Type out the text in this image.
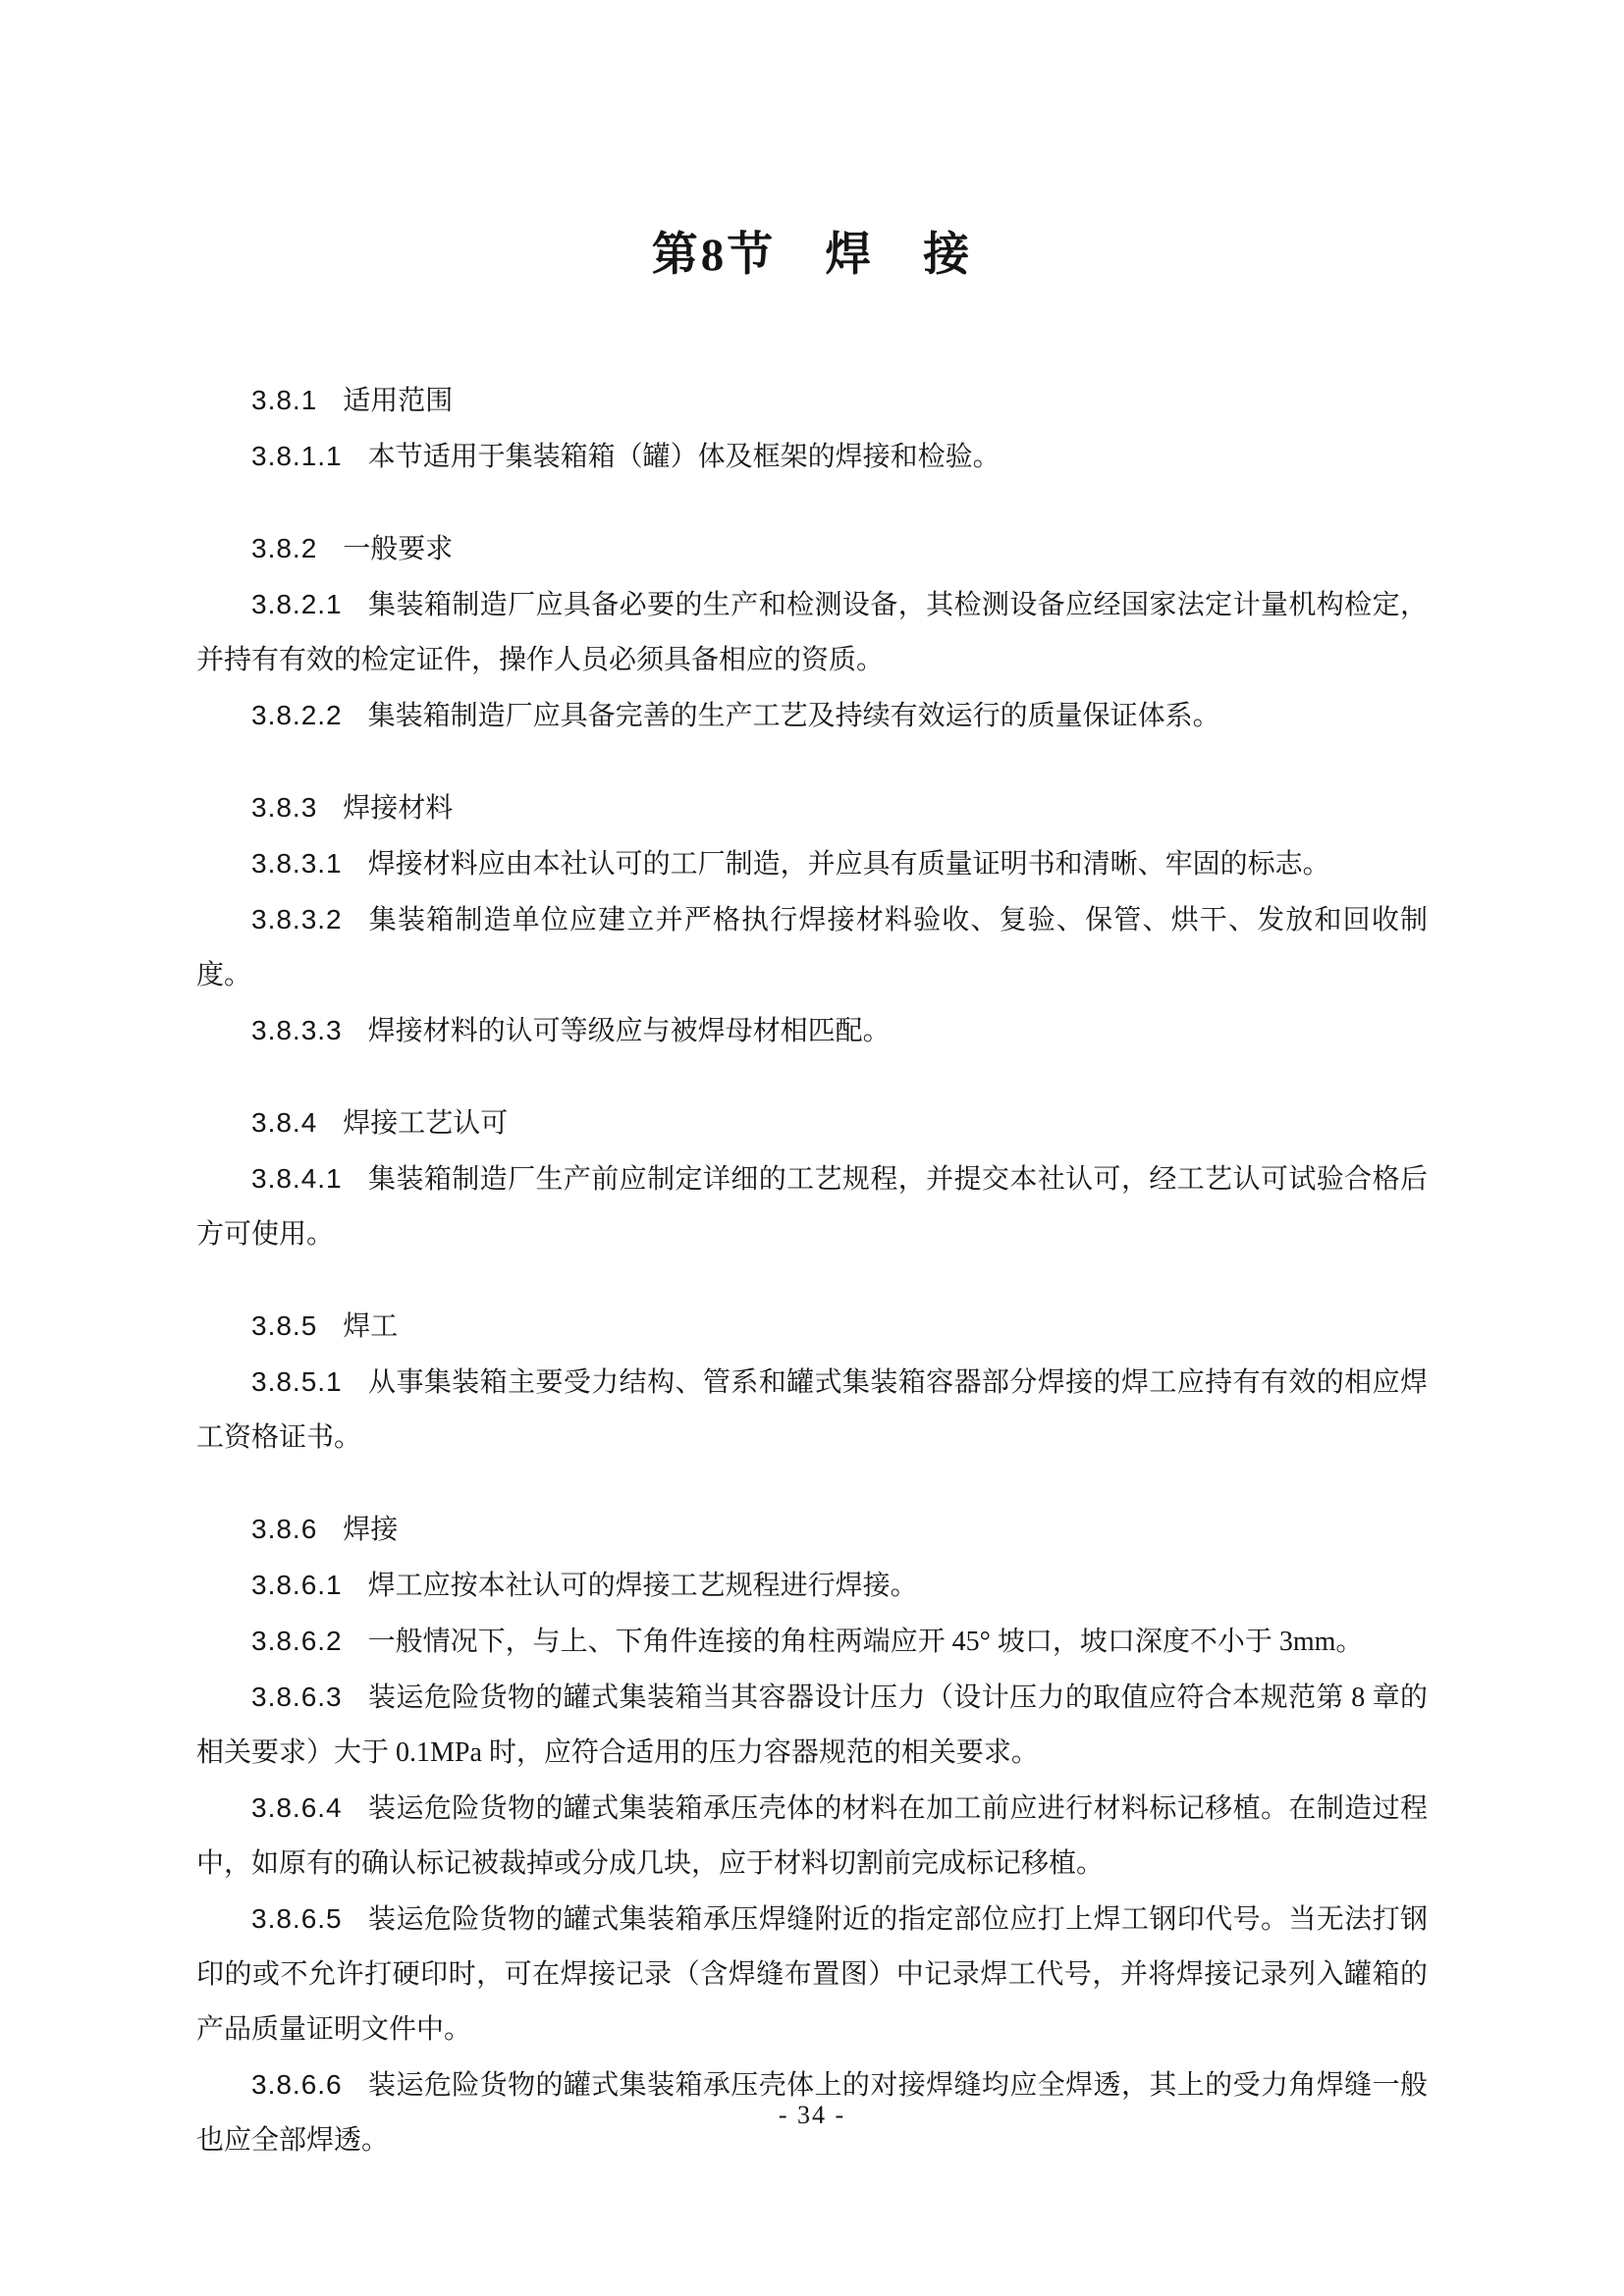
第8节　焊　接

3.8.1 适用范围

3.8.1.1 本节适用于集装箱箱（罐）体及框架的焊接和检验。

3.8.2 一般要求

3.8.2.1 集装箱制造厂应具备必要的生产和检测设备，其检测设备应经国家法定计量机构检定，并持有有效的检定证件，操作人员必须具备相应的资质。

3.8.2.2 集装箱制造厂应具备完善的生产工艺及持续有效运行的质量保证体系。

3.8.3 焊接材料

3.8.3.1 焊接材料应由本社认可的工厂制造，并应具有质量证明书和清晰、牢固的标志。

3.8.3.2 集装箱制造单位应建立并严格执行焊接材料验收、复验、保管、烘干、发放和回收制度。

3.8.3.3 焊接材料的认可等级应与被焊母材相匹配。

3.8.4 焊接工艺认可

3.8.4.1 集装箱制造厂生产前应制定详细的工艺规程，并提交本社认可，经工艺认可试验合格后方可使用。

3.8.5 焊工

3.8.5.1 从事集装箱主要受力结构、管系和罐式集装箱容器部分焊接的焊工应持有有效的相应焊工资格证书。

3.8.6 焊接

3.8.6.1 焊工应按本社认可的焊接工艺规程进行焊接。

3.8.6.2 一般情况下，与上、下角件连接的角柱两端应开 45° 坡口，坡口深度不小于 3mm。

3.8.6.3 装运危险货物的罐式集装箱当其容器设计压力（设计压力的取值应符合本规范第 8 章的相关要求）大于 0.1MPa 时，应符合适用的压力容器规范的相关要求。

3.8.6.4 装运危险货物的罐式集装箱承压壳体的材料在加工前应进行材料标记移植。在制造过程中，如原有的确认标记被裁掉或分成几块，应于材料切割前完成标记移植。

3.8.6.5 装运危险货物的罐式集装箱承压焊缝附近的指定部位应打上焊工钢印代号。当无法打钢印的或不允许打硬印时，可在焊接记录（含焊缝布置图）中记录焊工代号，并将焊接记录列入罐箱的产品质量证明文件中。

3.8.6.6 装运危险货物的罐式集装箱承压壳体上的对接焊缝均应全焊透，其上的受力角焊缝一般也应全部焊透。

- 34 -
